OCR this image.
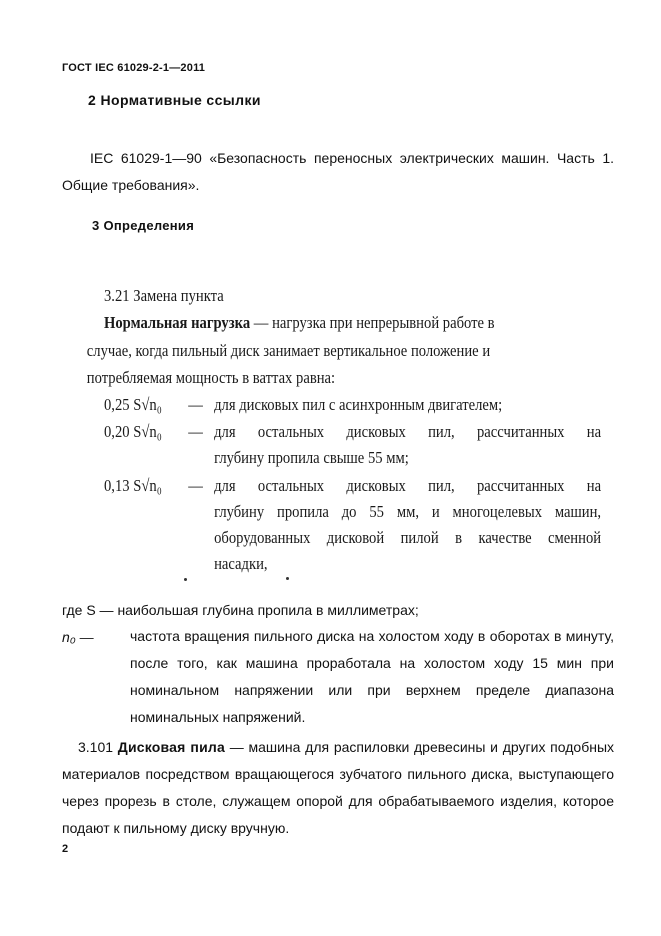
ГОСТ IEC 61029-2-1—2011
2 Нормативные ссылки
IEC 61029-1—90 «Безопасность переносных электрических машин. Часть 1. Общие требования».
3 Определения
3.21 Замена пункта
Нормальная нагрузка — нагрузка при непрерывной работе в
случае, когда пильный диск занимает вертикальное положение и
потребляемая мощность в ваттах равна:
0,25 S√n₀ — для дисковых пил с асинхронным двигателем;
0,20 S√n₀ — для остальных дисковых пил, рассчитанных на
глубину пропила свыше 55 мм;
0,13 S√n₀ — для остальных дисковых пил, рассчитанных на
глубину пропила до 55 мм, и многоцелевых машин,
оборудованных дисковой пилой в качестве сменной
насадки,
где S — наибольшая глубина пропила в миллиметрах;
n₀ —	частота вращения пильного диска на холостом ходу в оборотах в минуту, после того, как машина проработала на холостом ходу 15 мин при номинальном напряжении или при верхнем пределе диапазона номинальных напряжений.
3.101 Дисковая пила — машина для распиловки древесины и других подобных материалов посредством вращающегося зубчатого пильного диска, выступающего через прорезь в столе, служащем опорой для обрабатываемого изделия, которое подают к пильному диску вручную.
2
